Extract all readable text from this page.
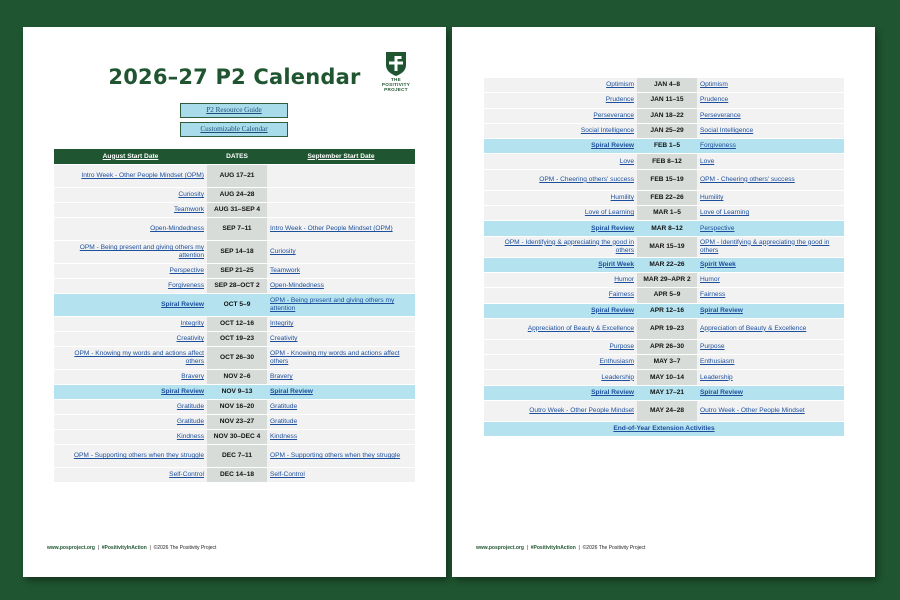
2026–27 P2 Calendar	THE
POSITIVITY
PROJECT
P2 Resource Guide
Customizable Calendar
August Start Date	DATES	September Start Date
Intro Week - Other People Mindset (OPM)	AUG 17–21	
Curiosity	AUG 24–28	
Teamwork	AUG 31–SEP 4	
Open-Mindedness	SEP 7–11	Intro Week - Other People Mindset (OPM)
OPM - Being present and giving others my attention	SEP 14–18	Curiosity
Perspective	SEP 21–25	Teamwork
Forgiveness	SEP 28–OCT 2	Open-Mindedness
Spiral Review	OCT 5–9	OPM - Being present and giving others my attention
Integrity	OCT 12–16	Integrity
Creativity	OCT 19–23	Creativity
OPM - Knowing my words and actions affect others	OCT 26–30	OPM - Knowing my words and actions affect others
Bravery	NOV 2–6	Bravery
Spiral Review	NOV 9–13	Spiral Review
Gratitude	NOV 16–20	Gratitude
Gratitude	NOV 23–27	Gratitude
Kindness	NOV 30–DEC 4	Kindness
OPM - Supporting others when they struggle	DEC 7–11	OPM - Supporting others when they struggle
Self-Control	DEC 14–18	Self-Control
www.posproject.org  |  #PositivityInAction  |  ©2026 The Positivity Project
Optimism	JAN 4–8	Optimism
Prudence	JAN 11–15	Prudence
Perseverance	JAN 18–22	Perseverance
Social Intelligence	JAN 25–29	Social Intelligence
Spiral Review	FEB 1–5	Forgiveness
Love	FEB 8–12	Love
OPM - Cheering others' success	FEB 15–19	OPM - Cheering others' success
Humility	FEB 22–26	Humility
Love of Learning	MAR 1–5	Love of Learning
Spiral Review	MAR 8–12	Perspective
OPM - Identifying & appreciating the good in others	MAR 15–19	OPM - Identifying & appreciating the good in others
Spirit Week	MAR 22–26	Spirit Week
Humor	MAR 29–APR 2	Humor
Fairness	APR 5–9	Fairness
Spiral Review	APR 12–16	Spiral Review
Appreciation of Beauty & Excellence	APR 19–23	Appreciation of Beauty & Excellence
Purpose	APR 26–30	Purpose
Enthusiasm	MAY 3–7	Enthusiasm
Leadership	MAY 10–14	Leadership
Spiral Review	MAY 17–21	Spiral Review
Outro Week - Other People Mindset	MAY 24–28	Outro Week - Other People Mindset
End-of-Year Extension Activities		
www.posproject.org  |  #PositivityInAction  |  ©2026 The Positivity Project
